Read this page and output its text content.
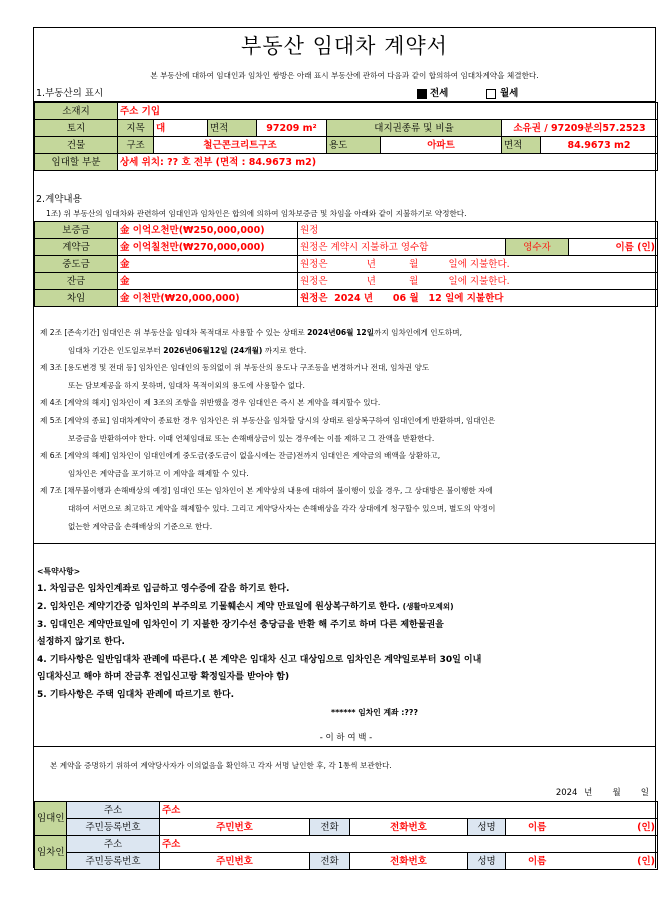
부동산 임대차 계약서
본 부동산에 대하여 임대인과 임차인 쌍방은 아래 표시 부동산에 관하여 다음과 같이 합의하여 임대차계약을 체결한다.
1.부동산의 표시	전세	월세
소재지	주소 기입							
토지	지목	대	면적	97209 m²	대지권종류 및 비율		소유권 / 97209분의57.2523	
건물	구조	철근콘크리트구조			용도	아파트	면적	84.9673 m2
임대할 부분	상세 위치: ?? 호 전부 (면적 : 84.9673 m2)							
2.계약내용
1조) 위 부동산의 임대차와 관련하여 임대인과 임차인은 합의에 의하여 임차보증금 및 차임을 아래와 같이 지불하기로 약정한다.
보증금	金 이억오천만(₩250,000,000)	원정		
계약금	金 이억칠천만(₩270,000,000)	원정은 계약시 지불하고 영수함	영수자	이름 (인)
중도금	金	원정은             년           월          일에 지불한다.		
잔금	金	원정은             년           월          일에 지불한다.		
차임	金 이천만(₩20,000,000)	원정은  2024 년      06 월   12 일에 지불한다		
제 2조 [존속기간] 임대인은 위 부동산을 임대차 목적대로 사용할 수 있는 상태로 2024년06월 12일까지 임차인에게 인도하며,
임대차 기간은 인도일로부터 2026년06월12일 (24개월) 까지로 한다.
제 3조 [용도변경 및 전대 등] 임차인은 임대인의 동의없이 위 부동산의 용도나 구조등을 변경하거나 전대, 임차권 양도
또는 담보제공을 하지 못하며, 임대차 목적이외의 용도에 사용할수 없다.
제 4조 [계약의 해지] 임차인이 제 3조의 조항을 위반했을 경우 임대인은 즉시 본 계약을 해지할수 있다.
제 5조 [계약의 종료] 임대차계약이 종료한 경우 임차인은 위 부동산을 임차할 당시의 상태로 원상복구하여 임대인에게 반환하며, 임대인은
보증금을 반환하여야 한다. 이때 연체임대료 또는 손해배상금이 있는 경우에는 이를 제하고 그 잔액을 반환한다.
제 6조 [계약의 해제] 임차인이 임대인에게 중도금(중도금이 없을시에는 잔금)전까지 임대인은 계약금의 배액을 상환하고,
임차인은 계약금을 포기하고 이 계약을 해제할 수 있다.
제 7조 [채무불이행과 손해배상의 예정] 임대인 또는 임차인이 본 계약상의 내용에 대하여 불이행이 있을 경우, 그 상대방은 불이행한 자에
대하여 서면으로 최고하고 계약을 해제할수 있다. 그리고 계약당사자는 손해배상을 각각 상대에게 청구할수 있으며, 별도의 약정이
없는한 계약금을 손해배상의 기준으로 한다.
<특약사항>
1. 차임금은 임차인계좌로 입금하고 영수증에 갈음 하기로 한다.
2. 임차인은 계약기간중 임차인의 부주의로 기물훼손시 계약 만료일에 원상복구하기로 한다. (생활마모제외)
3. 임대인은 계약만료일에 임차인이 기 지불한 장기수선 충당금을 반환 해 주기로 하며 다른 제한물권을
설정하지 않기로 한다.
4. 기타사항은 일반임대차 관례에 따른다.( 본 계약은 임대차 신고 대상임으로 임차인은 계약일로부터 30일 이내
임대차신고 해야 하며 잔금후 전입신고랑 확정일자를 받아야 함)
5. 기타사항은 주택 임대차 관례에 따르기로 한다.
****** 임차인 계좌 :???
- 이 하 여 백 -
본 계약을 증명하기 위하여 계약당사자가 이의없음을 확인하고 각자 서명 날인한 후, 각 1통씩 보관한다.
2024 년   월   일
임대인	주소	주소				
	주민등록번호	주민번호	전화	전화번호	성명	이름 (인)

임차인	주소	주소				
	주민등록번호	주민번호	전화	전화번호	성명	이름 (인)
